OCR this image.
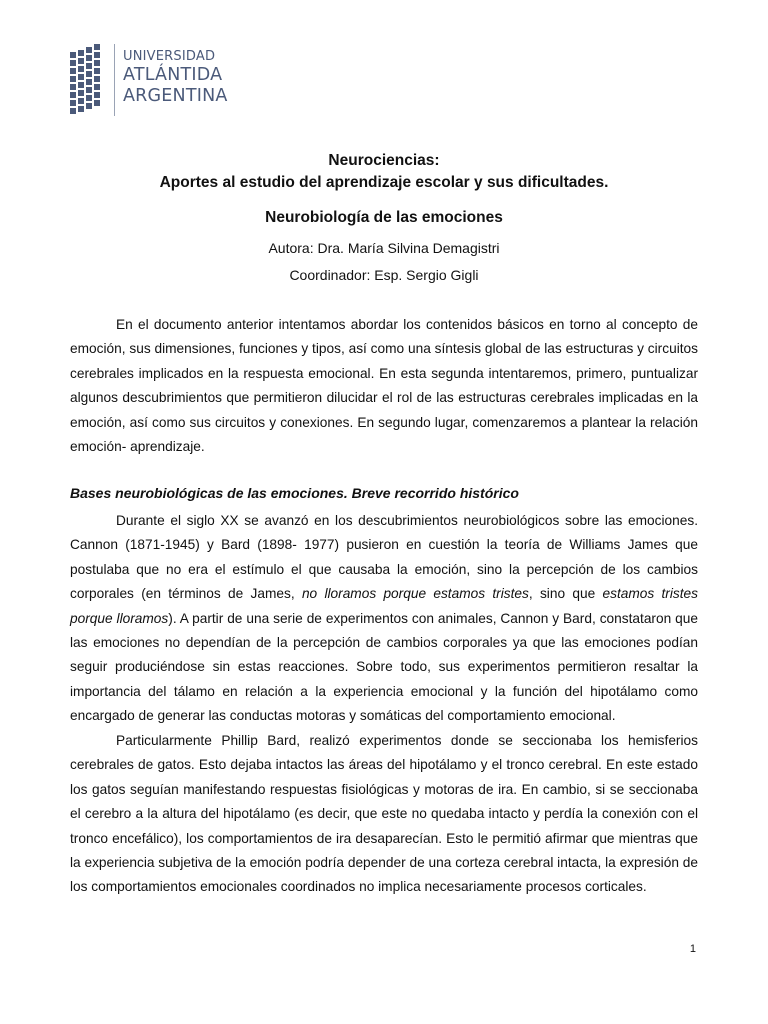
UNIVERSIDAD
ATLÁNTIDA
ARGENTINA

Neurociencias:

Aportes al estudio del aprendizaje escolar y sus dificultades.

Neurobiología de las emociones

Autora: Dra. María Silvina Demagistri
Coordinador: Esp. Sergio Gigli

En el documento anterior intentamos abordar los contenidos básicos en torno al concepto de emoción, sus dimensiones, funciones y tipos, así como una síntesis global de las estructuras y circuitos cerebrales implicados en la respuesta emocional. En esta segunda intentaremos, primero, puntualizar algunos descubrimientos que permitieron dilucidar el rol de las estructuras cerebrales implicadas en la emoción, así como sus circuitos y conexiones. En segundo lugar, comenzaremos a plantear la relación emoción- aprendizaje.

Bases neurobiológicas de las emociones. Breve recorrido histórico

Durante el siglo XX se avanzó en los descubrimientos neurobiológicos sobre las emociones. Cannon (1871-1945) y Bard (1898- 1977) pusieron en cuestión la teoría de Williams James que postulaba que no era el estímulo el que causaba la emoción, sino la percepción de los cambios corporales (en términos de James, no lloramos porque estamos tristes, sino que estamos tristes porque lloramos). A partir de una serie de experimentos con animales, Cannon y Bard, constataron que las emociones no dependían de la percepción de cambios corporales ya que las emociones podían seguir produciéndose sin estas reacciones. Sobre todo, sus experimentos permitieron resaltar la importancia del tálamo en relación a la experiencia emocional y la función del hipotálamo como encargado de generar las conductas motoras y somáticas del comportamiento emocional.

Particularmente Phillip Bard, realizó experimentos donde se seccionaba los hemisferios cerebrales de gatos. Esto dejaba intactos las áreas del hipotálamo y el tronco cerebral. En este estado los gatos seguían manifestando respuestas fisiológicas y motoras de ira. En cambio, si se seccionaba el cerebro a la altura del hipotálamo (es decir, que este no quedaba intacto y perdía la conexión con el tronco encefálico), los comportamientos de ira desaparecían. Esto le permitió afirmar que mientras que la experiencia subjetiva de la emoción podría depender de una corteza cerebral intacta, la expresión de los comportamientos emocionales coordinados no implica necesariamente procesos corticales.

1
